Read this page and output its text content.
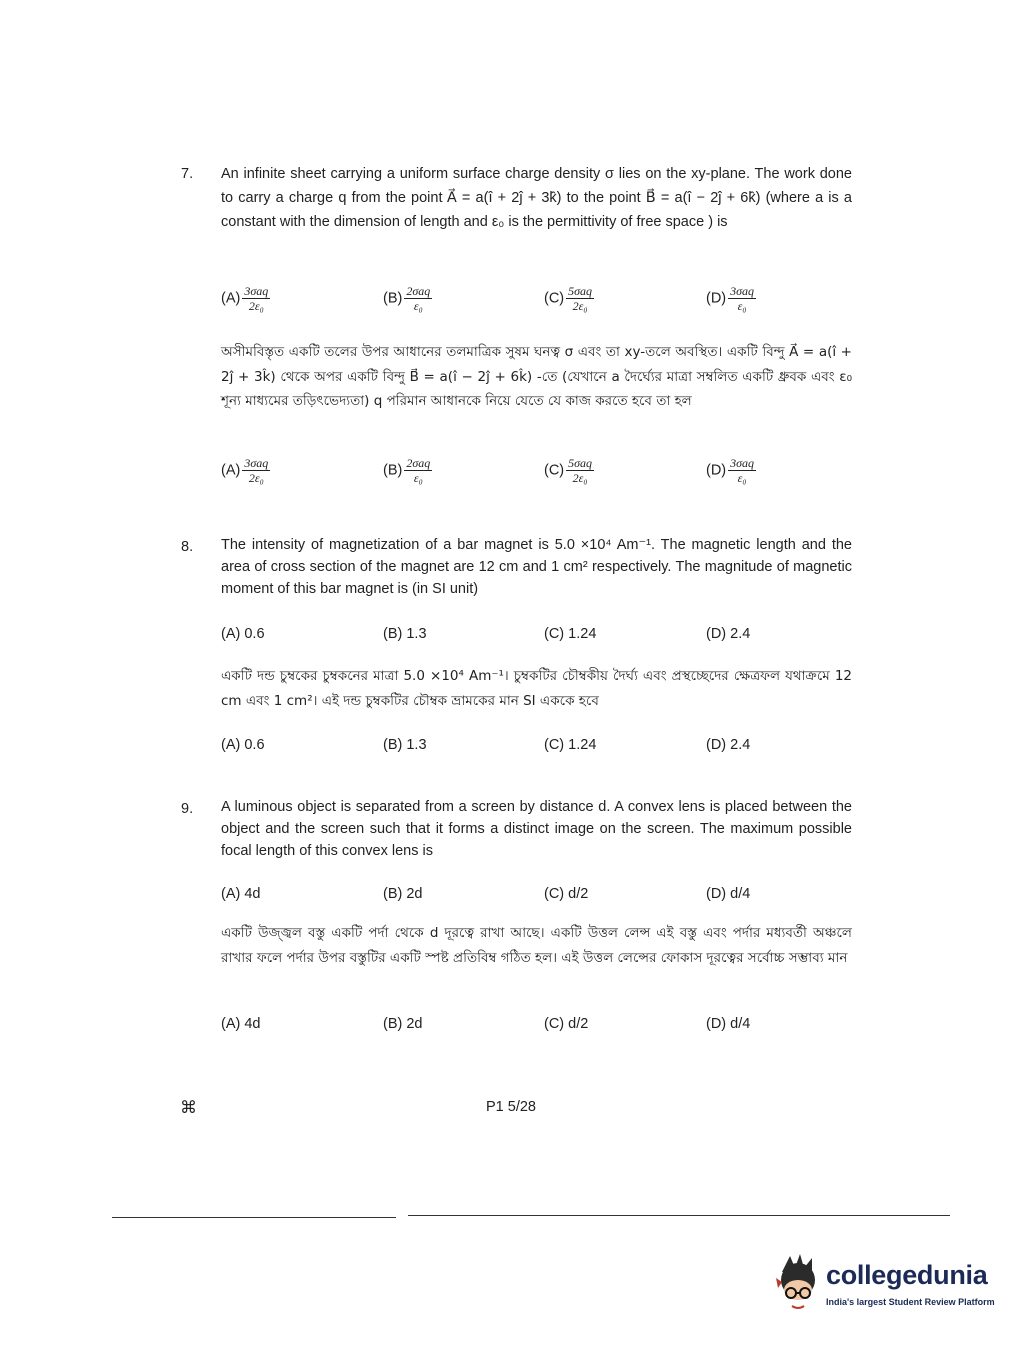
7. An infinite sheet carrying a uniform surface charge density σ lies on the xy-plane. The work done to carry a charge q from the point A⃗ = a(î + 2ĵ + 3k̂) to the point B⃗ = a(î − 2ĵ + 6k̂) (where a is a constant with the dimension of length and ε₀ is the permittivity of free space ) is
$(A) \frac{\text{3σaq}}{\text{2ε₀}}$	$(B) \frac{\text{2σaq}}{\text{ε₀}}$	$(C) \frac{\text{5σaq}}{\text{2ε₀}}$	$(D) \frac{\text{3σaq}}{\text{ε₀}}$
অসীমবিস্তৃত একটি তলের উপর আধানের তলমাত্রিক সুষম ঘনত্ব σ এবং তা xy-তলে অবস্থিত। একটি বিন্দু A⃗ = a(î + 2ĵ + 3k̂) থেকে অপর একটি বিন্দু B⃗ = a(î − 2ĵ + 6k̂) -তে (যেখানে a দৈর্ঘ্যের মাত্রা সম্বলিত একটি ধ্রুবক এবং ε₀ শূন্য মাধ্যমের তড়িৎভেদ্যতা) q পরিমান আধানকে নিয়ে যেতে যে কাজ করতে হবে তা হল
$(A) \frac{\text{3σaq}}{\text{2ε₀}}$	$(B) \frac{\text{2σaq}}{\text{ε₀}}$	$(C) \frac{\text{5σaq}}{\text{2ε₀}}$	$(D) \frac{\text{3σaq}}{\text{ε₀}}$
8. The intensity of magnetization of a bar magnet is 5.0 ×10⁴ Am⁻¹. The magnetic length and the area of cross section of the magnet are 12 cm and 1 cm² respectively. The magnitude of magnetic moment of this bar magnet is (in SI unit)
(A) 0.6	(B) 1.3	(C) 1.24	(D) 2.4
একটি দন্ড চুম্বকের চুম্বকনের মাত্রা 5.0 ×10⁴ Am⁻¹। চুম্বকটির চৌম্বকীয় দৈর্ঘ্য এবং প্রস্থচ্ছেদের ক্ষেত্রফল যথাক্রমে 12 cm এবং 1 cm²। এই দন্ড চুম্বকটির চৌম্বক ভ্রামকের মান SI এককে হবে
(A) 0.6	(B) 1.3	(C) 1.24	(D) 2.4
9. A luminous object is separated from a screen by distance d. A convex lens is placed between the object and the screen such that it forms a distinct image on the screen. The maximum possible focal length of this convex lens is
(A) 4d	(B) 2d	(C) d/2	(D) d/4
একটি উজ্জ্বল বস্তু একটি পর্দা থেকে d দূরত্বে রাখা আছে। একটি উত্তল লেন্স এই বস্তু এবং পর্দার মধ্যবর্তী অঞ্চলে রাখার ফলে পর্দার উপর বস্তুটির একটি স্পষ্ট প্রতিবিম্ব গঠিত হল। এই উত্তল লেন্সের ফোকাস দূরত্বের সর্বোচ্চ সম্ভাব্য মান
(A) 4d	(B) 2d	(C) d/2	(D) d/4
⌘	P1 5/28
collegedunia
India's largest Student Review Platform
